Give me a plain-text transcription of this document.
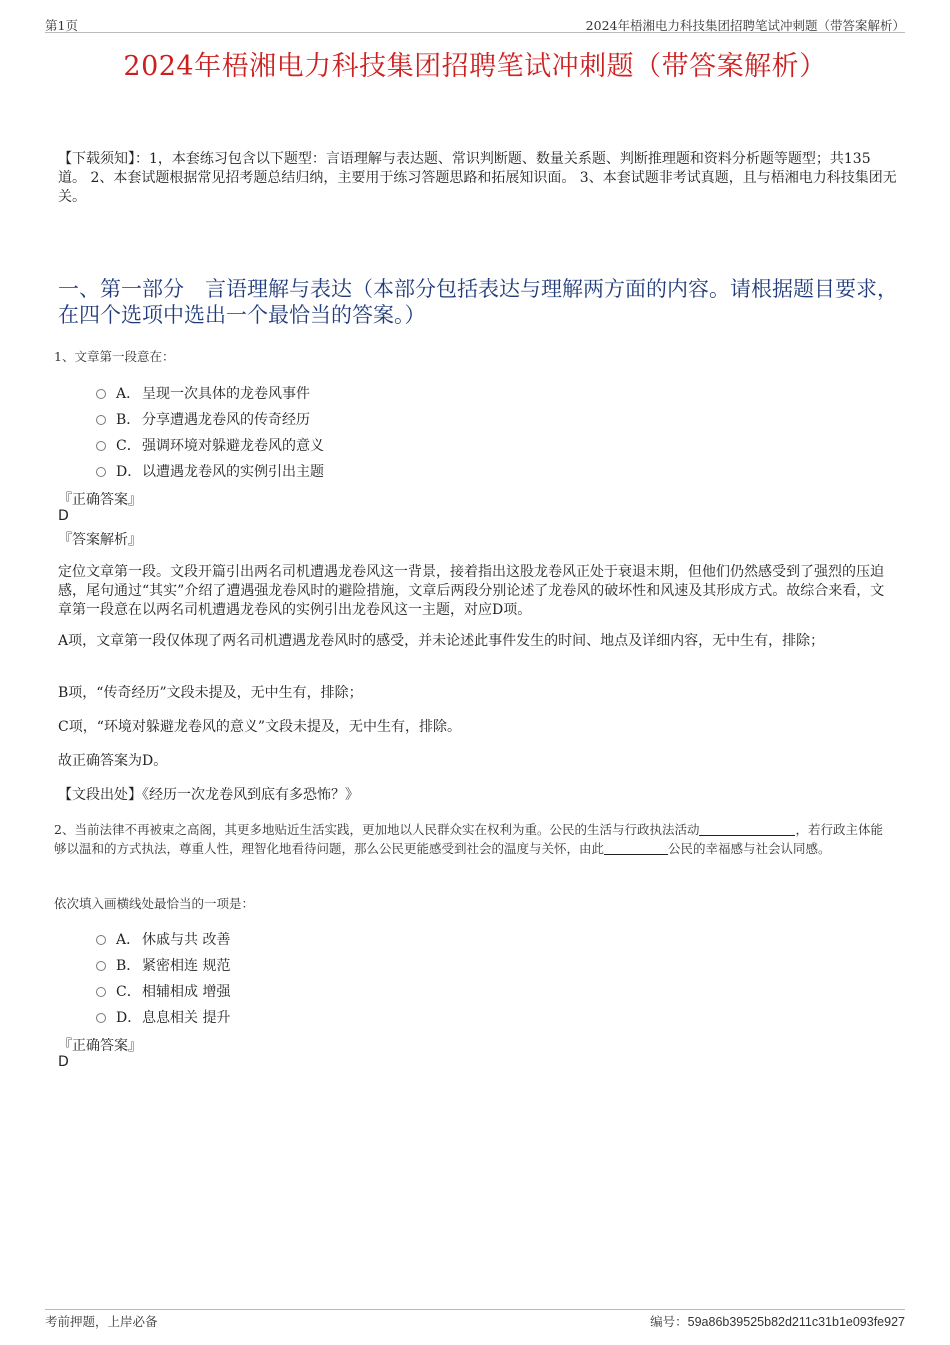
第1页	2024年梧湘电力科技集团招聘笔试冲刺题（带答案解析）
2024年梧湘电力科技集团招聘笔试冲刺题（带答案解析）
【下载须知】：1，本套练习包含以下题型：言语理解与表达题、常识判断题、数量关系题、判断推理题和资料分析题等题型；共135道。 2、本套试题根据常见招考题总结归纳，主要用于练习答题思路和拓展知识面。 3、本套试题非考试真题，且与梧湘电力科技集团无关。
一、第一部分　言语理解与表达（本部分包括表达与理解两方面的内容。请根据题目要求，在四个选项中选出一个最恰当的答案。）
1、文章第一段意在：
A． 呈现一次具体的龙卷风事件
B． 分享遭遇龙卷风的传奇经历
C．强调环境对躲避龙卷风的意义
D．以遭遇龙卷风的实例引出主题
『正确答案』
D
『答案解析』
定位文章第一段。文段开篇引出两名司机遭遇龙卷风这一背景，接着指出这股龙卷风正处于衰退末期，但他们仍然感受到了强烈的压迫感，尾句通过“其实”介绍了遭遇强龙卷风时的避险措施，文章后两段分别论述了龙卷风的破坏性和风速及其形成方式。故综合来看，文章第一段意在以两名司机遭遇龙卷风的实例引出龙卷风这一主题，对应D项。
A项，文章第一段仅体现了两名司机遭遇龙卷风时的感受，并未论述此事件发生的时间、地点及详细内容，无中生有，排除；
B项，“传奇经历”文段未提及，无中生有，排除；
C项，“环境对躲避龙卷风的意义”文段未提及，无中生有，排除。
故正确答案为D。
【文段出处】《经历一次龙卷风到底有多恐怖？》
2、当前法律不再被束之高阁，其更多地贴近生活实践，更加地以人民群众实在权利为重。公民的生活与行政执法活动	，若行政主体能够以温和的方式执法，尊重人性，理智化地看待问题，那么公民更能感受到社会的温度与关怀，由此	公民的幸福感与社会认同感。
依次填入画横线处最恰当的一项是：
A． 休戚与共 改善
B． 紧密相连 规范
C．相辅相成 增强
D．息息相关 提升
『正确答案』
D
考前押题，上岸必备	编号：59a86b39525b82d211c31b1e093fe927
